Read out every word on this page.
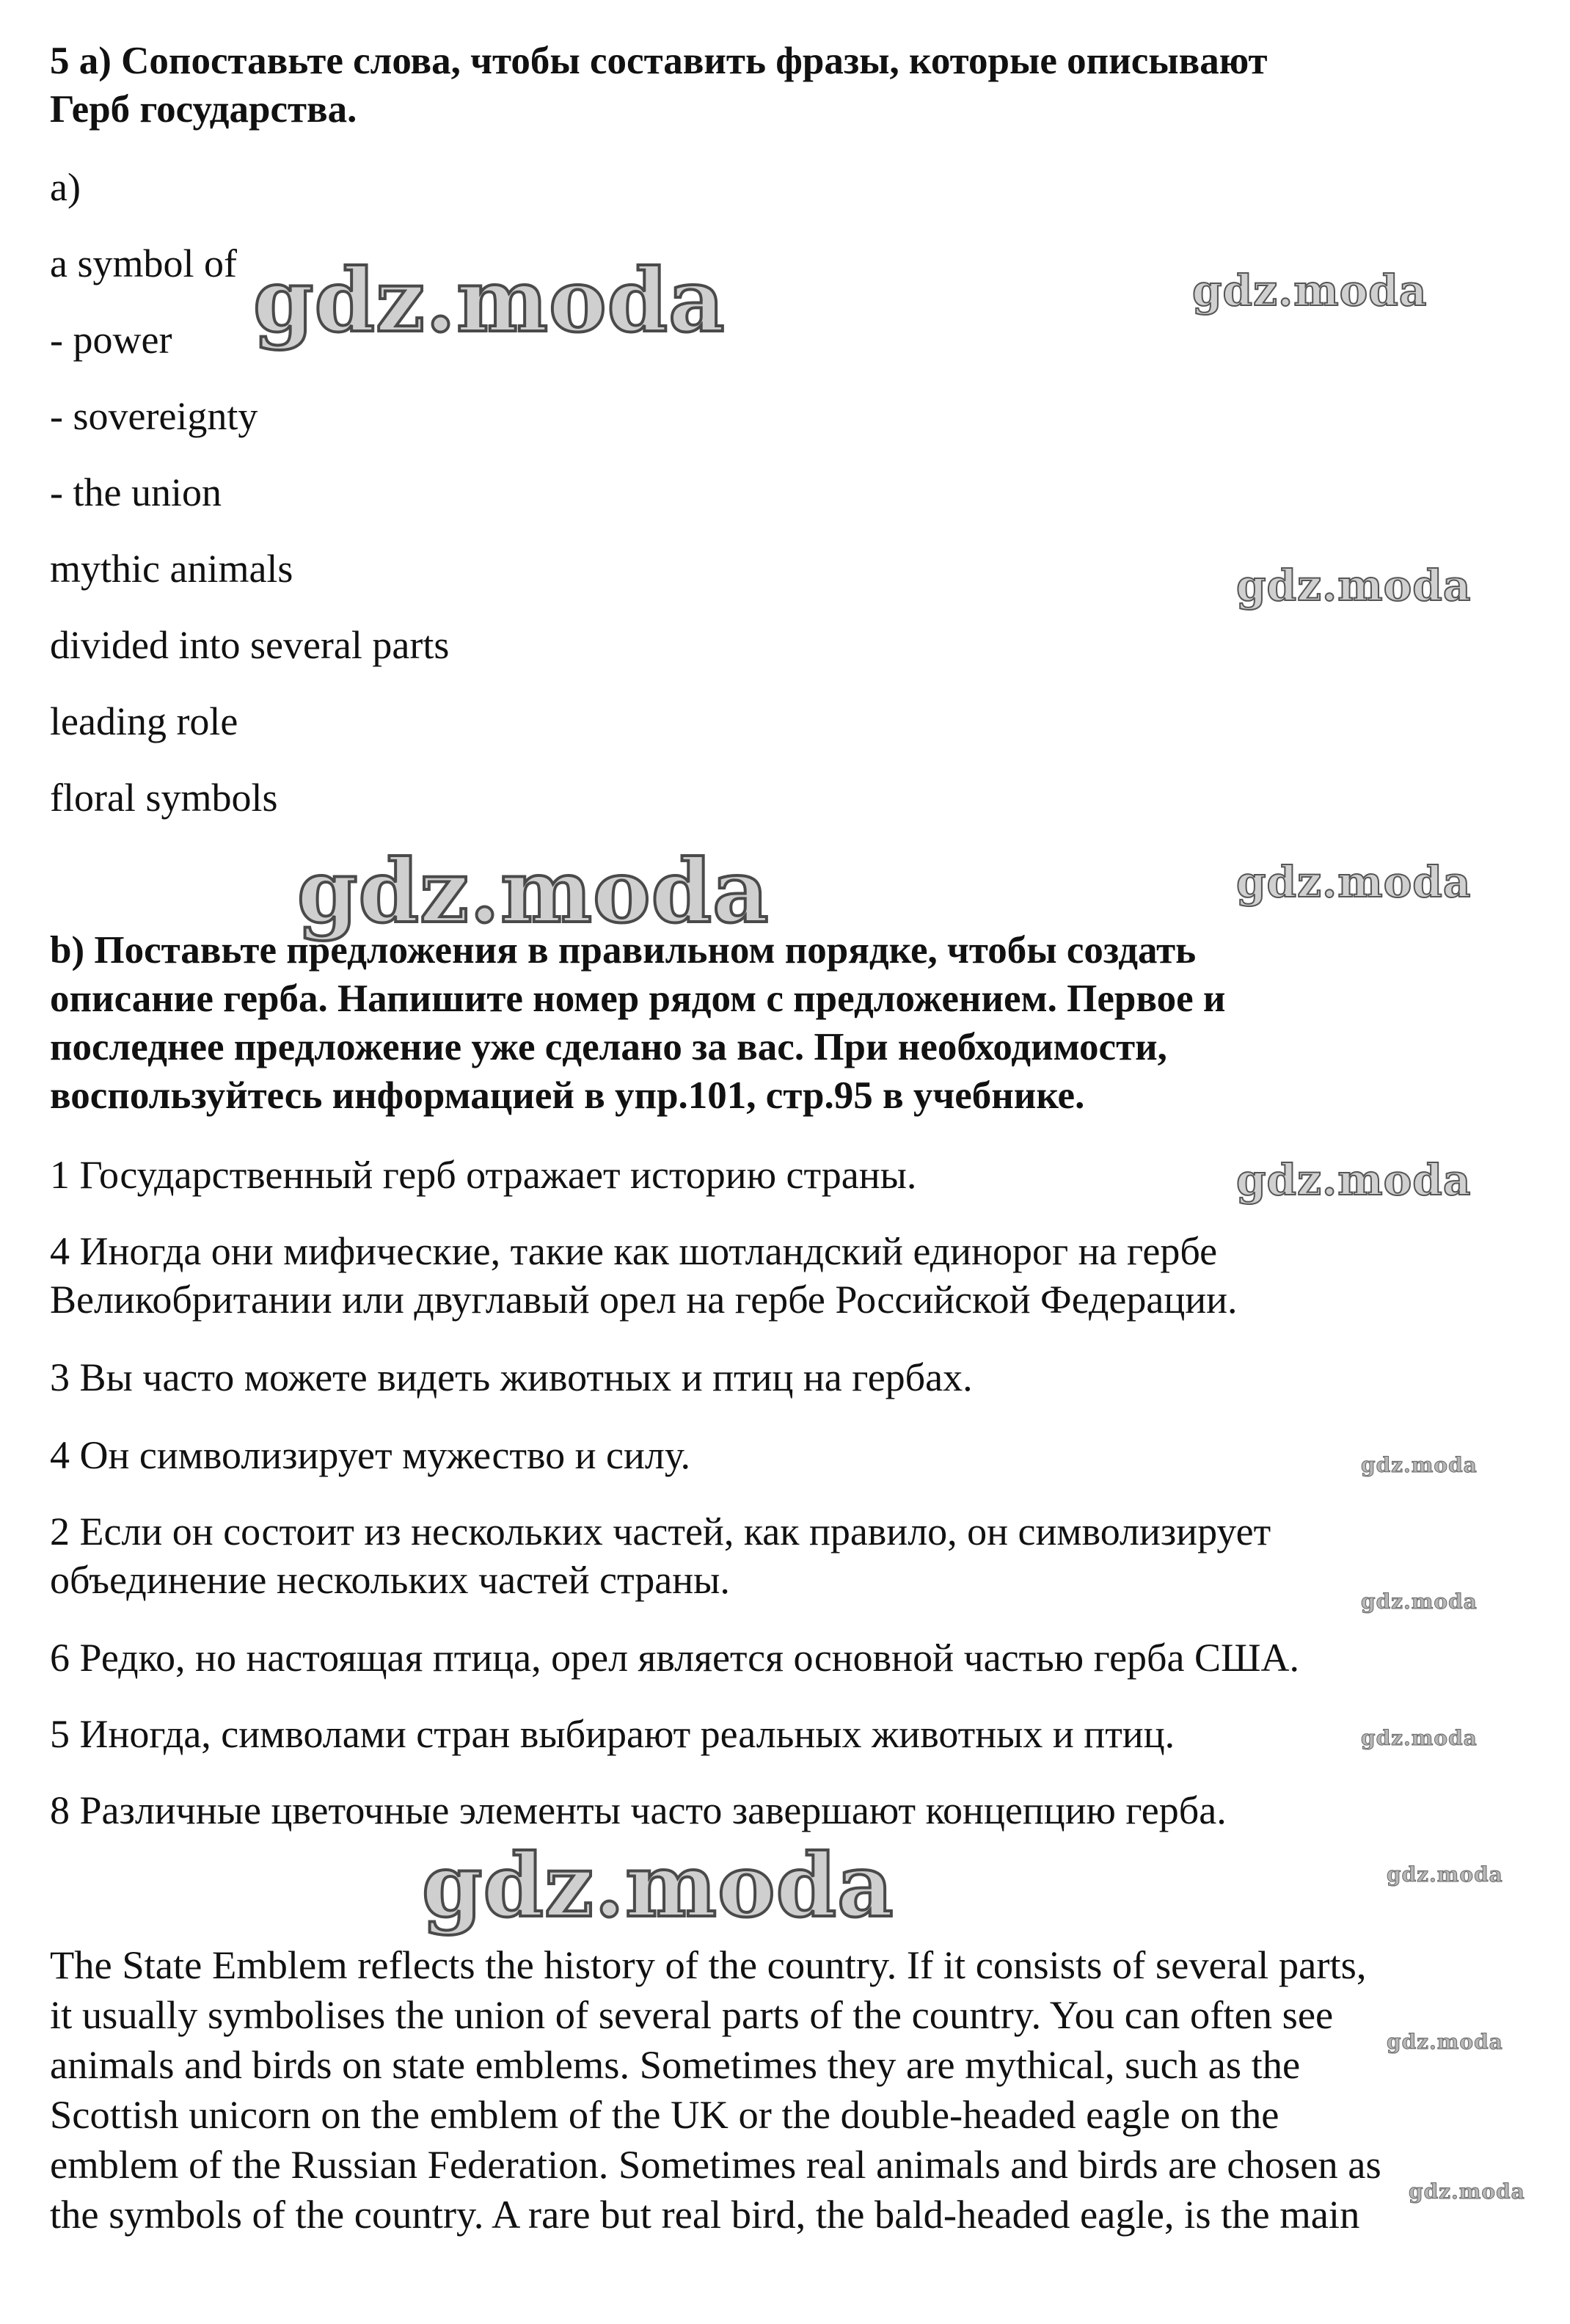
5 a) Сопоставьте слова, чтобы составить фразы, которые описывают
Герб государства.
a)
a symbol of
- power
- sovereignty
- the union
mythic animals
divided into several parts
leading role
floral symbols
b) Поставьте предложения в правильном порядке, чтобы создать
описание герба. Напишите номер рядом с предложением. Первое и
последнее предложение уже сделано за вас. При необходимости,
воспользуйтесь информацией в упр.101, стр.95 в учебнике.
1 Государственный герб отражает историю страны.
4 Иногда они мифические, такие как шотландский единорог на гербе
Великобритании или двуглавый орел на гербе Российской Федерации.
3 Вы часто можете видеть животных и птиц на гербах.
4 Он символизирует мужество и силу.
2 Если он состоит из нескольких частей, как правило, он символизирует
объединение нескольких частей страны.
6 Редко, но настоящая птица, орел является основной частью герба США.
5 Иногда, символами стран выбирают реальных животных и птиц.
8 Различные цветочные элементы часто завершают концепцию герба.
The State Emblem reflects the history of the country. If it consists of several parts,
it usually symbolises the union of several parts of the country. You can often see
animals and birds on state emblems. Sometimes they are mythical, such as the
Scottish unicorn on the emblem of the UK or the double-headed eagle on the
emblem of the Russian Federation. Sometimes real animals and birds are chosen as
the symbols of the country. A rare but real bird, the bald-headed eagle, is the main
gdz.moda	gdz.moda
gdz.moda
gdz.moda	gdz.moda
gdz.moda
gdz.moda
gdz.moda
gdz.moda
gdz.moda	gdz.moda
gdz.moda
gdz.moda
